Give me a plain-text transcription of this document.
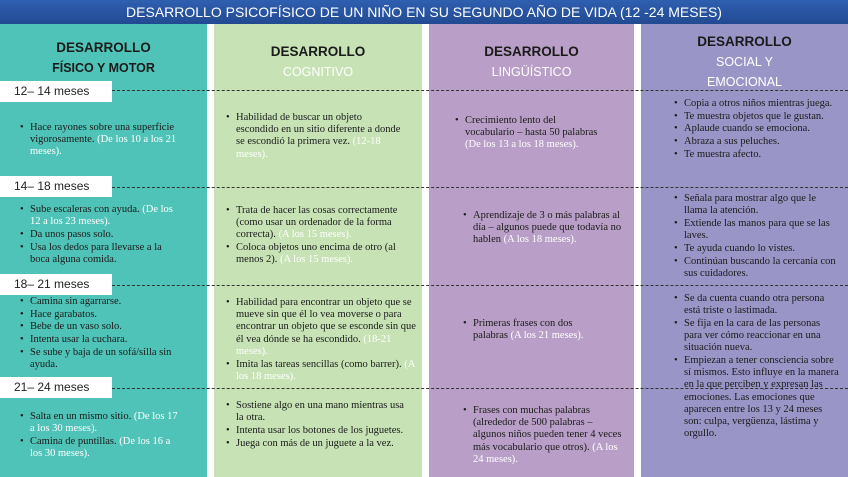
DESARROLLO PSICOFÍSICO DE UN NIÑO EN SU SEGUNDO AÑO DE VIDA (12 -24 MESES)
DESARROLLO
FÍSICO Y MOTOR
DESARROLLO
COGNITIVO
DESARROLLO
LINGÜÍSTICO
DESARROLLO
SOCIAL Y
EMOCIONAL
12– 14 meses
14– 18 meses
18– 21 meses
21– 24 meses
• Hace rayones sobre una superficie vigorosamente. (De los 10 a los 21 meses).
• Sube escaleras con ayuda. (De los 12 a los 23 meses).
• Da unos pasos solo.
• Usa los dedos para llevarse a la boca alguna comida.
• Camina sin agarrarse.
• Hace garabatos.
• Bebe de un vaso solo.
• Intenta usar la cuchara.
• Se sube y baja de un sofá/silla sin ayuda.
• Salta en un mismo sitio. (De los 17 a los 30 meses).
• Camina de puntillas. (De los 16 a los 30 meses).
• Habilidad de buscar un objeto escondido en un sitio diferente a donde se escondió la primera vez. (12-18 meses).
• Trata de hacer las cosas correctamente (como usar un ordenador de la forma correcta). (A los 15 meses).
• Coloca objetos uno encima de otro (al menos 2). (A los 15 meses).
• Habilidad para encontrar un objeto que se mueve sin que él lo vea moverse o para encontrar un objeto que se esconde sin que él vea dónde se ha escondido. (18-21 meses).
• Imita las tareas sencillas (como barrer). (A los 18 meses).
• Sostiene algo en una mano mientras usa la otra.
• Intenta usar los botones de los juguetes.
• Juega con más de un juguete a la vez.
• Crecimiento lento del vocabulario – hasta 50 palabras (De los 13 a los 18 meses).
• Aprendizaje de 3 o más palabras al día – algunos puede que todavía no hablen (A los 18 meses).
• Primeras frases con dos palabras (A los 21 meses).
• Frases con muchas palabras (alrededor de 500 palabras – algunos niños pueden tener 4 veces más vocabulario que otros). (A los 24 meses).
• Copia a otros niños mientras juega.
• Te muestra objetos que le gustan.
• Aplaude cuando se emociona.
• Abraza a sus peluches.
• Te muestra afecto.
• Señala para mostrar algo que le llama la atención.
• Extiende las manos para que se las laves.
• Te ayuda cuando lo vistes.
• Continúan buscando la cercanía con sus cuidadores.
• Se da cuenta cuando otra persona está triste o lastimada.
• Se fija en la cara de las personas para ver cómo reaccionar en una situación nueva.
• Empiezan a tener consciencia sobre sí mismos. Esto influye en la manera en la que perciben y expresan las emociones. Las emociones que aparecen entre los 13 y 24 meses son: culpa, vergüenza, lástima y orgullo.
